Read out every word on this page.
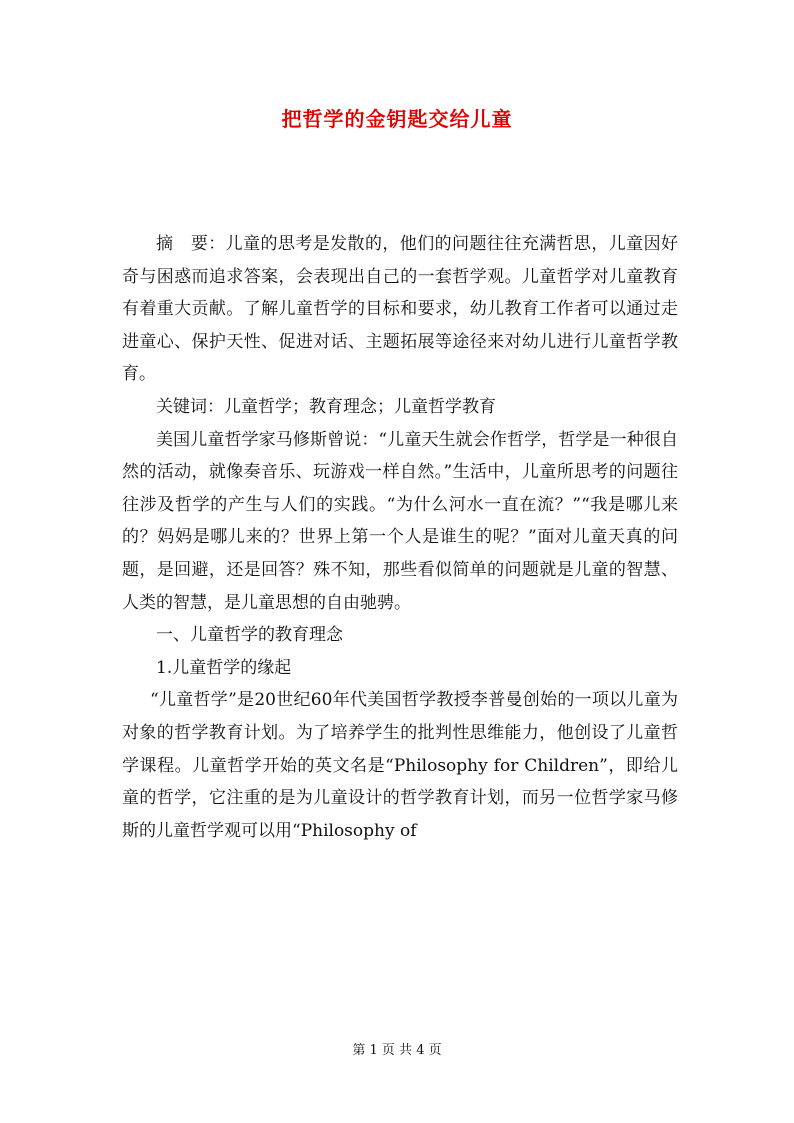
把哲学的金钥匙交给儿童

摘　要：儿童的思考是发散的，他们的问题往往充满哲思，儿童因好奇与困惑而追求答案，会表现出自己的一套哲学观。儿童哲学对儿童教育有着重大贡献。了解儿童哲学的目标和要求，幼儿教育工作者可以通过走进童心、保护天性、促进对话、主题拓展等途径来对幼儿进行儿童哲学教育。

关键词：儿童哲学；教育理念；儿童哲学教育

美国儿童哲学家马修斯曾说：“儿童天生就会作哲学，哲学是一种很自然的活动，就像奏音乐、玩游戏一样自然。”生活中，儿童所思考的问题往往涉及哲学的产生与人们的实践。“为什么河水一直在流？”“我是哪儿来的？妈妈是哪儿来的？世界上第一个人是谁生的呢？”面对儿童天真的问题，是回避，还是回答？殊不知，那些看似简单的问题就是儿童的智慧、人类的智慧，是儿童思想的自由驰骋。

一、儿童哲学的教育理念

1.儿童哲学的缘起

“儿童哲学”是20世纪60年代美国哲学教授李普曼创始的一项以儿童为对象的哲学教育计划。为了培养学生的批判性思维能力，他创设了儿童哲学课程。儿童哲学开始的英文名是“Philosophy for Children”，即给儿童的哲学，它注重的是为儿童设计的哲学教育计划，而另一位哲学家马修斯的儿童哲学观可以用“Philosophy of

第 1 页 共 4 页
